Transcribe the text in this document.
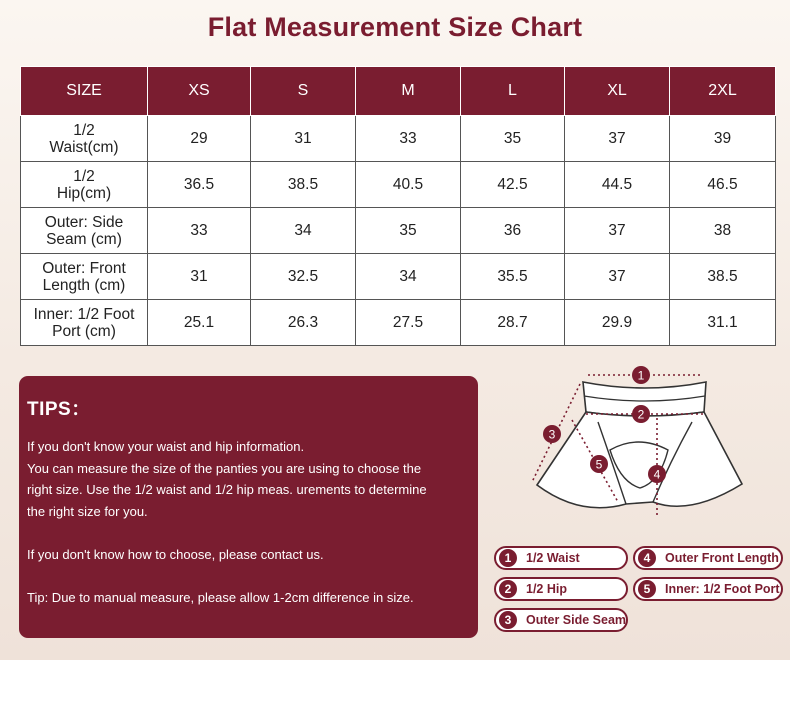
Flat Measurement Size Chart
SIZE	XS	S	M	L	XL	2XL
1/2
Waist(cm)	29	31	33	35	37	39
1/2
Hip(cm)	36.5	38.5	40.5	42.5	44.5	46.5
Outer: Side
Seam (cm)	33	34	35	36	37	38
Outer: Front
Length (cm)	31	32.5	34	35.5	37	38.5
Inner: 1/2 Foot
Port (cm)	25.1	26.3	27.5	28.7	29.9	31.1
TIPS：

If you don't know your waist and hip information.

You can measure the size of the panties you are using to choose the

right size. Use the 1/2 waist and 1/2 hip meas. urements to determine

the right size for you.

If you don't know how to choose, please contact us.

Tip: Due to manual measure, please allow 1-2cm difference in size.

1
2
3
4
5
1	1/2 Waist	4	Outer Front Length
2	1/2 Hip	5	Inner: 1/2 Foot Port
3	Outer Side Seam
